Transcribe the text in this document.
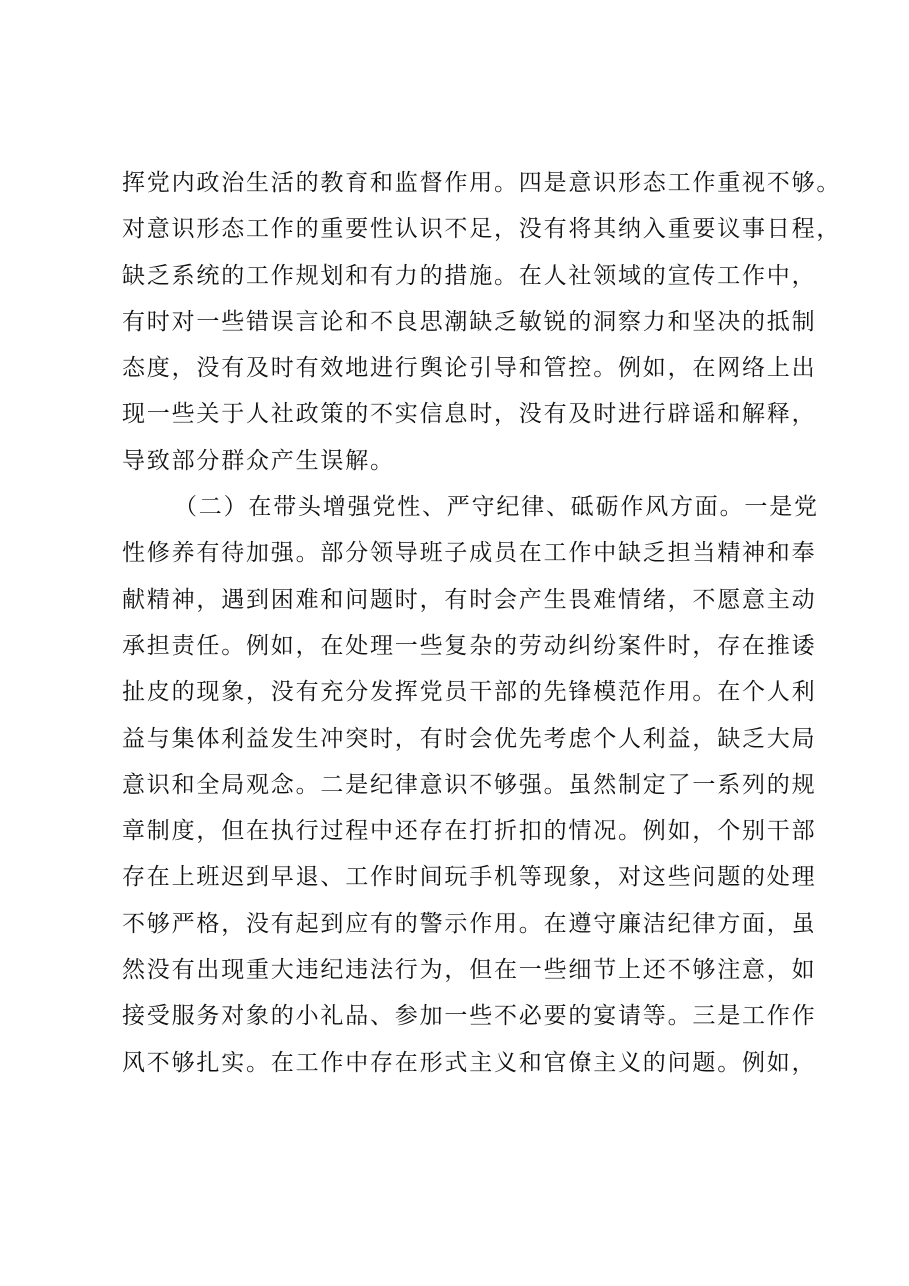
挥党内政治生活的教育和监督作用。四是意识形态工作重视不够。
对意识形态工作的重要性认识不足，没有将其纳入重要议事日程，
缺乏系统的工作规划和有力的措施。在人社领域的宣传工作中，
有时对一些错误言论和不良思潮缺乏敏锐的洞察力和坚决的抵制
态度，没有及时有效地进行舆论引导和管控。例如，在网络上出
现一些关于人社政策的不实信息时，没有及时进行辟谣和解释，
导致部分群众产生误解。
（二）在带头增强党性、严守纪律、砥砺作风方面。一是党
性修养有待加强。部分领导班子成员在工作中缺乏担当精神和奉
献精神，遇到困难和问题时，有时会产生畏难情绪，不愿意主动
承担责任。例如，在处理一些复杂的劳动纠纷案件时，存在推诿
扯皮的现象，没有充分发挥党员干部的先锋模范作用。在个人利
益与集体利益发生冲突时，有时会优先考虑个人利益，缺乏大局
意识和全局观念。二是纪律意识不够强。虽然制定了一系列的规
章制度，但在执行过程中还存在打折扣的情况。例如，个别干部
存在上班迟到早退、工作时间玩手机等现象，对这些问题的处理
不够严格，没有起到应有的警示作用。在遵守廉洁纪律方面，虽
然没有出现重大违纪违法行为，但在一些细节上还不够注意，如
接受服务对象的小礼品、参加一些不必要的宴请等。三是工作作
风不够扎实。在工作中存在形式主义和官僚主义的问题。例如，
